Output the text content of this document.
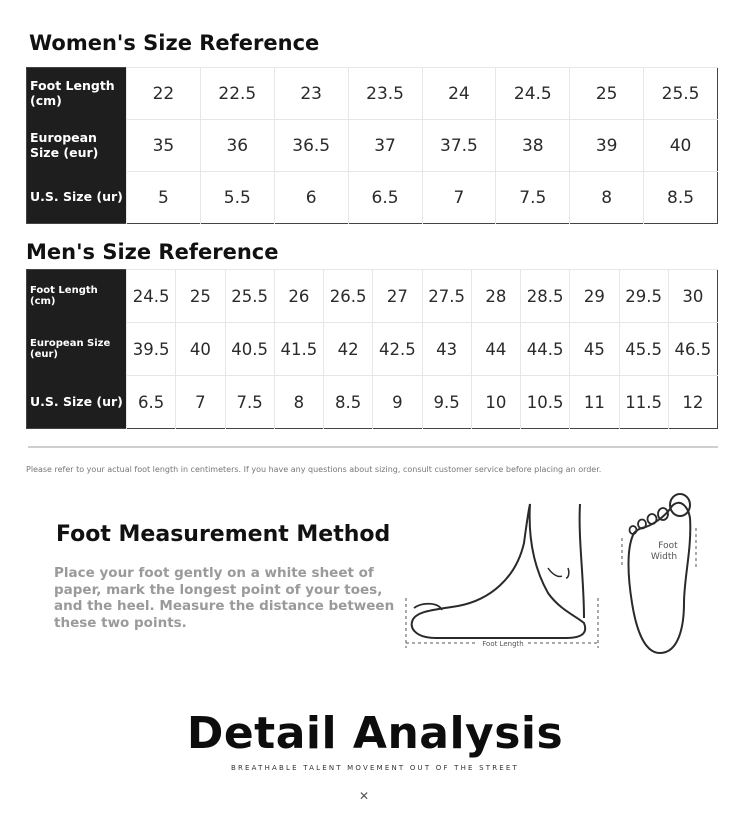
Women's Size Reference
Foot Length (cm)	22	22.5	23	23.5	24	24.5	25	25.5
European Size (eur)	35	36	36.5	37	37.5	38	39	40
U.S. Size (ur)	5	5.5	6	6.5	7	7.5	8	8.5
Men's Size Reference
Foot Length (cm)	24.5	25	25.5	26	26.5	27	27.5	28	28.5	29	29.5	30
European Size (eur)	39.5	40	40.5	41.5	42	42.5	43	44	44.5	45	45.5	46.5
U.S. Size (ur)	6.5	7	7.5	8	8.5	9	9.5	10	10.5	11	11.5	12

Please refer to your actual foot length in centimeters. If you have any questions about sizing, consult customer service before placing an order.

Foot Measurement Method

Place your foot gently on a white sheet of paper, mark the longest point of your toes, and the heel. Measure the distance between these two points.

Foot Length
Foot
Width
Detail Analysis

BREATHABLE TALENT MOVEMENT OUT OF THE STREET

✕
